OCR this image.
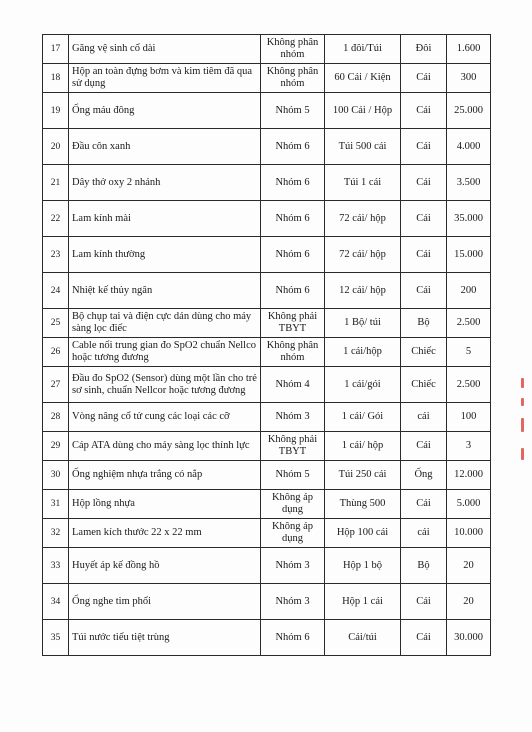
17	Găng vệ sinh cổ dài	Không phân nhóm	1 đôi/Túi	Đôi	1.600
18	Hộp an toàn đựng bơm và kim tiêm đã qua sử dụng	Không phân nhóm	60 Cái / Kiện	Cái	300
19	Ống máu đông	Nhóm 5	100 Cái / Hộp	Cái	25.000
20	Đầu côn xanh	Nhóm 6	Túi 500 cái	Cái	4.000
21	Dây thở oxy 2 nhánh	Nhóm 6	Túi 1 cái	Cái	3.500
22	Lam kính mài	Nhóm 6	72 cái/ hộp	Cái	35.000
23	Lam kính thường	Nhóm 6	72 cái/ hộp	Cái	15.000
24	Nhiệt kế thủy ngân	Nhóm 6	12 cái/ hộp	Cái	200
25	Bộ chụp tai và điện cực dán dùng cho máy sàng lọc điếc	Không phải TBYT	1 Bộ/ túi	Bộ	2.500
26	Cable nối trung gian đo SpO2 chuẩn Nellco hoặc tương đương	Không phân nhóm	1 cái/hộp	Chiếc	5
27	Đầu đo SpO2 (Sensor) dùng một lần cho trẻ sơ sinh, chuẩn Nellcor hoặc tương đương	Nhóm 4	1 cái/gói	Chiếc	2.500
28	Vòng nâng cổ tử cung các loại các cỡ	Nhóm 3	1 cái/ Gói	cái	100
29	Cáp ATA dùng cho máy sàng lọc thính lực	Không phải TBYT	1 cái/ hộp	Cái	3
30	Ống nghiệm nhựa trắng có nắp	Nhóm 5	Túi 250 cái	Ống	12.000
31	Hộp lồng nhựa	Không áp dụng	Thùng 500	Cái	5.000
32	Lamen kích thước 22 x 22 mm	Không áp dụng	Hộp 100 cái	cái	10.000
33	Huyết áp kế đồng hồ	Nhóm 3	Hộp 1 bộ	Bộ	20
34	Ống nghe tim phổi	Nhóm 3	Hộp 1 cái	Cái	20
35	Túi nước tiểu tiệt trùng	Nhóm 6	Cái/túi	Cái	30.000
